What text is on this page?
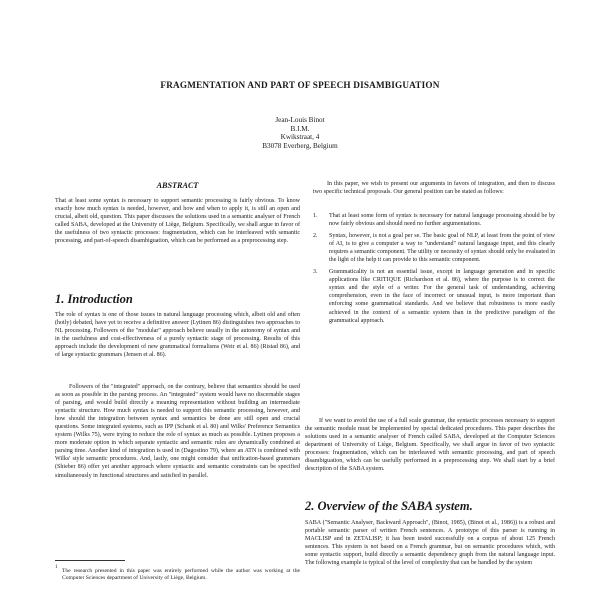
FRAGMENTATION AND PART OF SPEECH DISAMBIGUATION
Jean-Louis Binot
B.I.M.
Kwikstraat, 4
B3078 Everberg, Belgium
ABSTRACT

That at least some syntax is necessary to support semantic processing is fairly obvious. To know exactly how much syntax is needed, however, and how and when to apply it, is still an open and crucial, albeit old, question. This paper discusses the solutions used in a semantic analyser of French called SABA, developed at the University of Liège, Belgium. Specifically, we shall argue in favor of the usefulness of two syntactic processes: fragmentation, which can be interleaved with semantic processing, and part-of-speech disambiguation, which can be performed as a preprocessing step.

1. Introduction

The role of syntax is one of those issues in natural language processing which, albeit old and often (hotly) debated, have yet to receive a definitive answer (Lytinen 86) distinguishes two approaches to NL processing. Followers of the "modular" approach believe usually in the autonomy of syntax and in the usefulness and cost-effectiveness of a purely syntactic stage of processing. Results of this approach include the development of new grammatical formalisms (Weir et al. 86) (Ristad 86), and of large syntactic grammars (Jensen et al. 86).

Followers of the "integrated" approach, on the contrary, believe that semantics should be used as soon as possible in the parsing process. An "integrated" system would have no discernable stages of parsing, and would build directly a meaning representation without building an intermediate syntactic structure. How much syntax is needed to support this semantic processing, however, and how should the integration between syntax and semantics be done are still open and crucial questions. Some integrated systems, such as IPP (Schank et al. 80) and Wilks' Preference Semantics system (Wilks 75), were trying to reduce the role of syntax as much as possible. Lytinen proposes a more moderate option in which separate syntactic and semantic rules are dynamically combined at parsing time. Another kind of integration is used in (Dagostino 79), where an ATN is combined with Wilks' style semantic procedures. And, lastly, one might consider that unification-based grammars (Shieber 86) offer yet another approach where syntactic and semantic constraints can be specified simultaneously in functional structures and satisfied in parallel.

1

The research presented in this paper was entirely performed while the author was working at the Computer Sciences department of University of Liège, Belgium.

In this paper, we wish to present our arguments in favors of integration, and then to discuss two specific technical proposals. Our general position can be stated as follows:

1. That at least some form of syntax is necessary for natural language processing should be by now fairly obvious and should need no further argumentations.
2. Syntax, however, is not a goal per se. The basic goal of NLP, at least from the point of view of AI, is to give a computer a way to "understand" natural language input, and this clearly requires a semantic component. The utility or necessity of syntax should only be evaluated in the light of the help it can provide to this semantic component.
3. Grammaticality is not an essential issue, except in language generation and in specific applications like CRITIQUE (Richardson et al. 86), where the purpose is to correct the syntax and the style of a writer. For the general task of understanding, achieving comprehension, even in the face of incorrect or unusual input, is more important than enforcing some grammatical standards. And we believe that robustness is more easily achieved in the context of a semantic system than in the predictive paradigm of the grammatical approach.

If we want to avoid the use of a full scale grammar, the syntactic processes necessary to support the semantic module must be implemented by special dedicated procedures. This paper describes the solutions used in a semantic analyser of French called SABA, developed at the Computer Sciences department of University of Liège, Belgium. Specifically, we shall argue in favor of two syntactic processes: fragmentation, which can be interleaved with semantic processing, and part of speech disambiguation, which can be usefully performed in a preprocessing step. We shall start by a brief description of the SABA system.

2. Overview of the SABA system.

SABA ("Semantic Analyser, Backward Approach", (Binot, 1985), (Binot et al., 1986)) is a robust and portable semantic parser of written French sentences. A prototype of this parser is running in MACLISP and in ZETALISP; it has been tested successfully on a corpus of about 125 French sentences. This system is not based on a French grammar, but on semantic procedures which, with some syntactic support, build directly a semantic dependency graph from the natural language input. The following example is typical of the level of complexity that can be handled by the system
